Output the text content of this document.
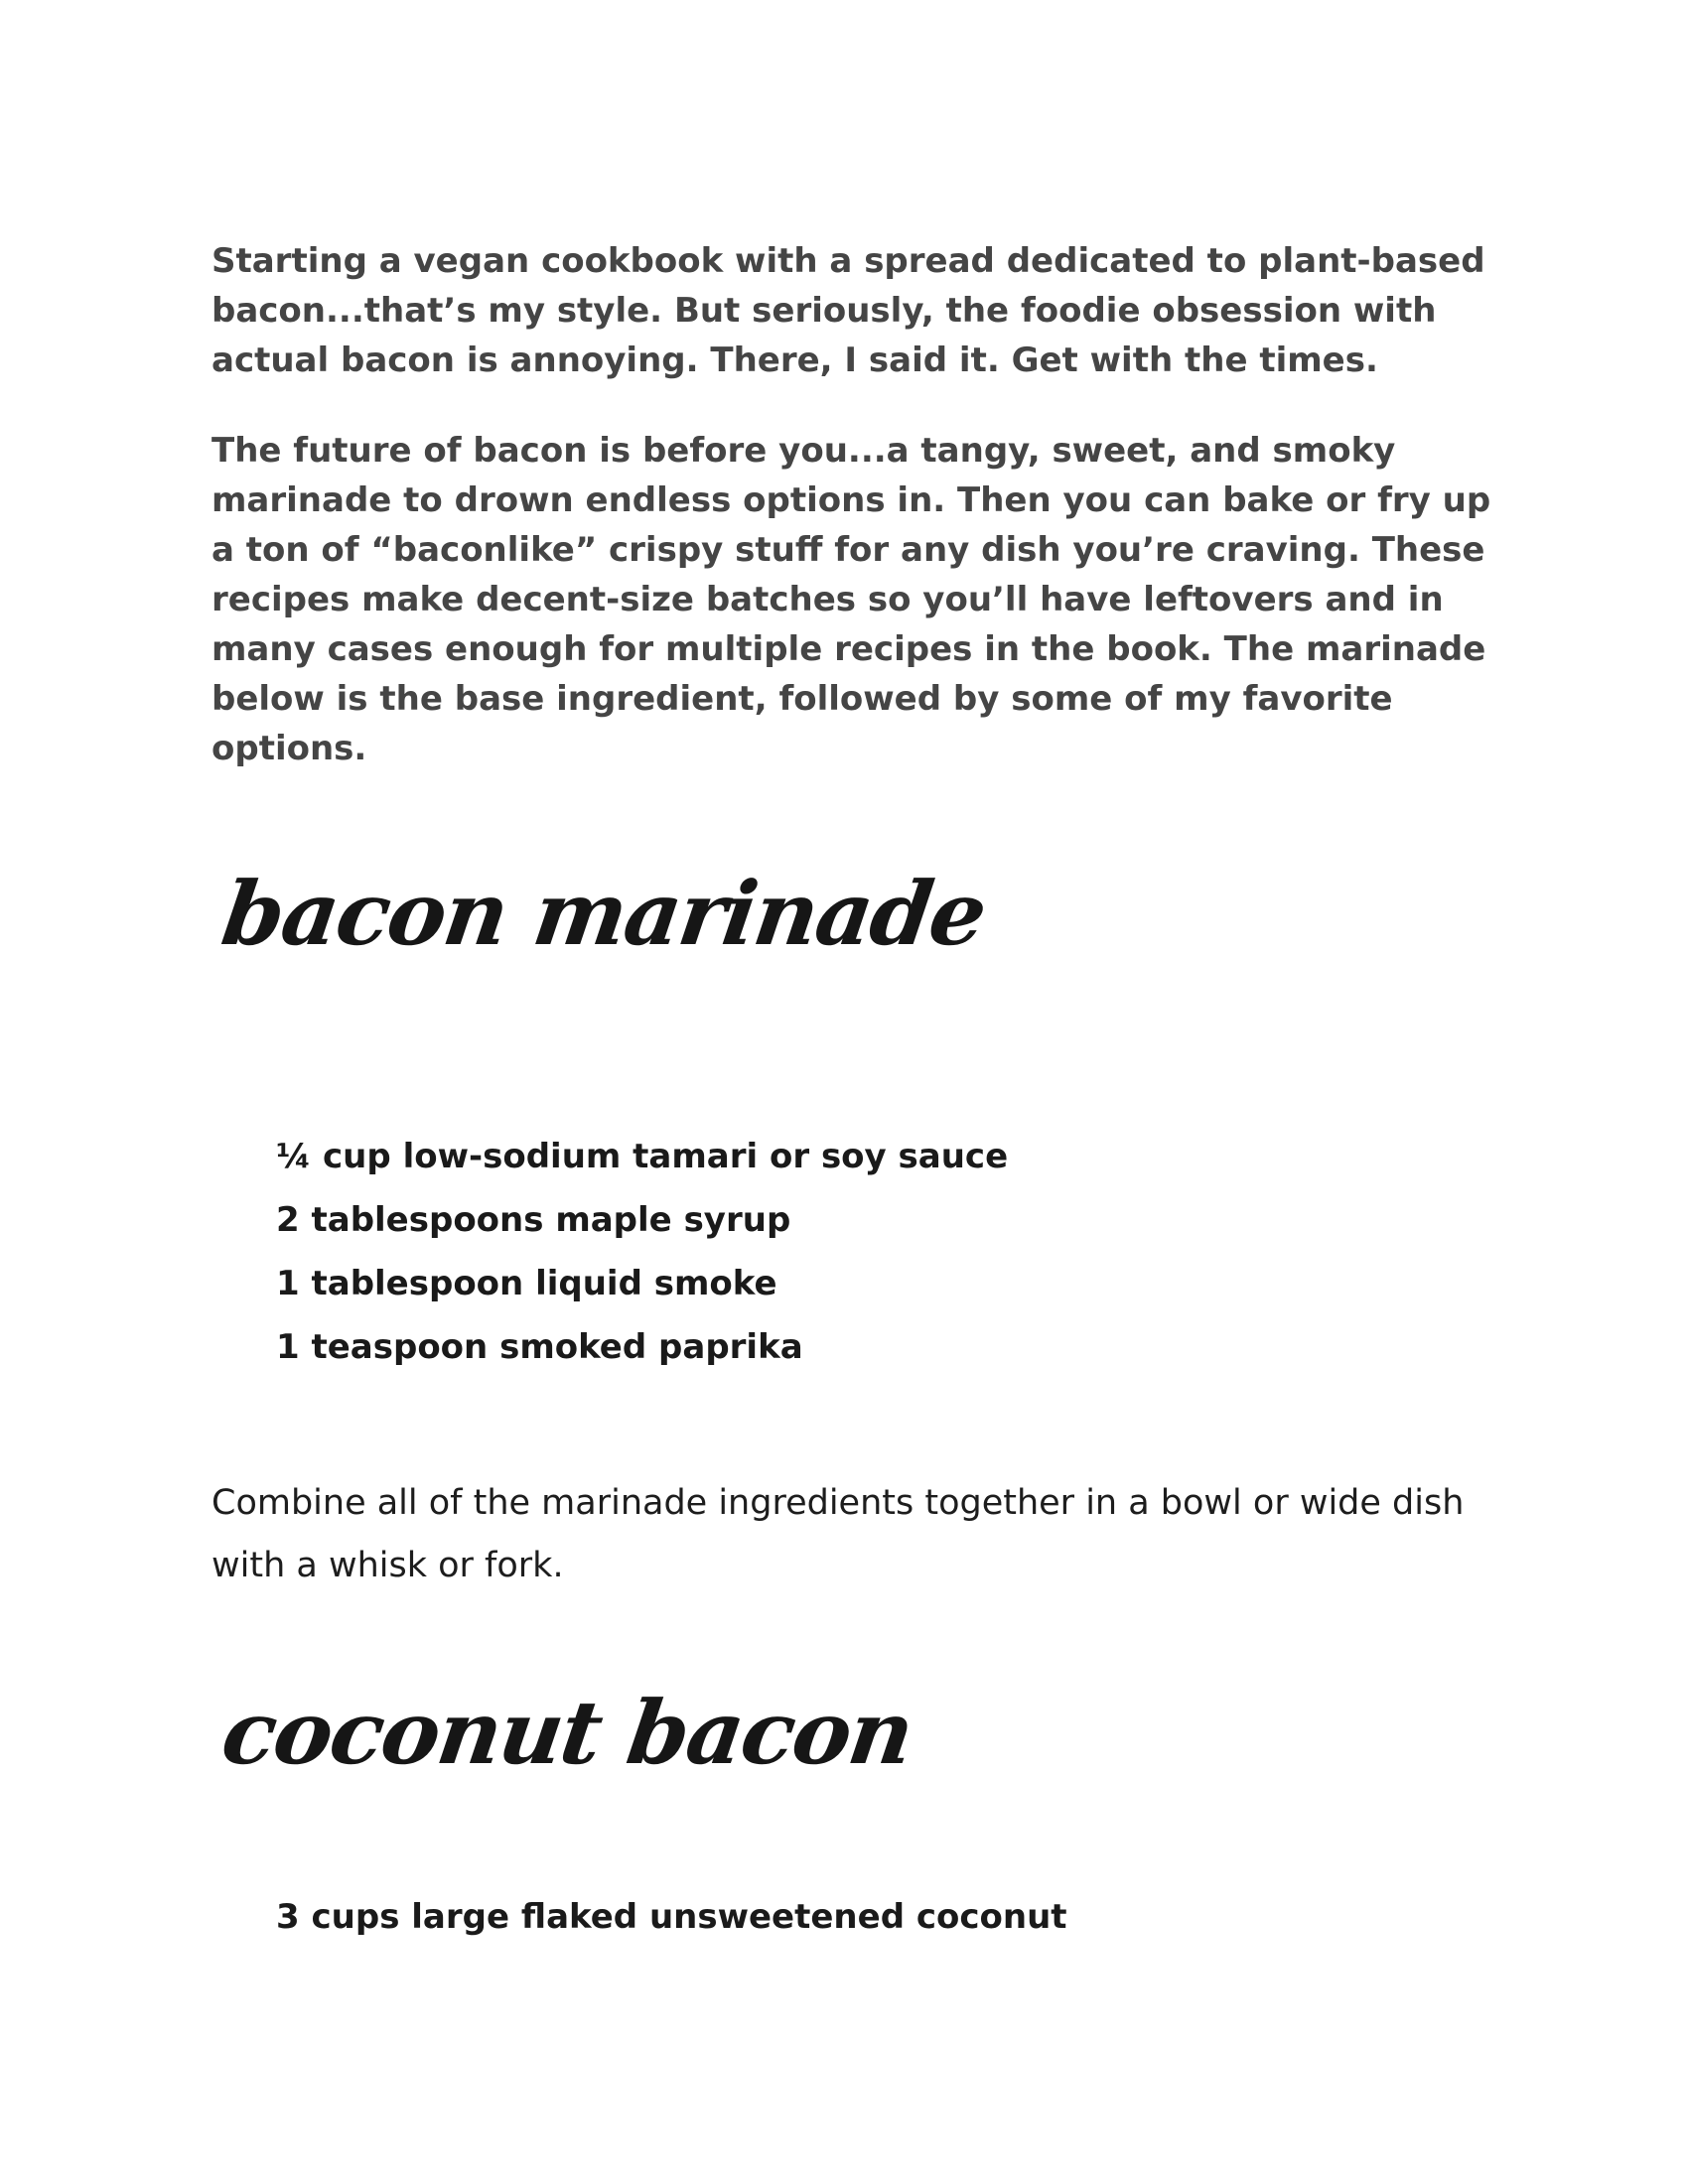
Starting a vegan cookbook with a spread dedicated to plant-based bacon...that’s my style. But seriously, the foodie obsession with actual bacon is annoying. There, I said it. Get with the times.

The future of bacon is before you...a tangy, sweet, and smoky marinade to drown endless options in. Then you can bake or fry up a ton of “baconlike” crispy stuff for any dish you’re craving. These recipes make decent-size batches so you’ll have leftovers and in many cases enough for multiple recipes in the book. The marinade below is the base ingredient, followed by some of my favorite options.

bacon marinade
¼ cup low-sodium tamari or soy sauce
2 tablespoons maple syrup
1 tablespoon liquid smoke
1 teaspoon smoked paprika

Combine all of the marinade ingredients together in a bowl or wide dish with a whisk or fork.

coconut bacon
3 cups large flaked unsweetened coconut
